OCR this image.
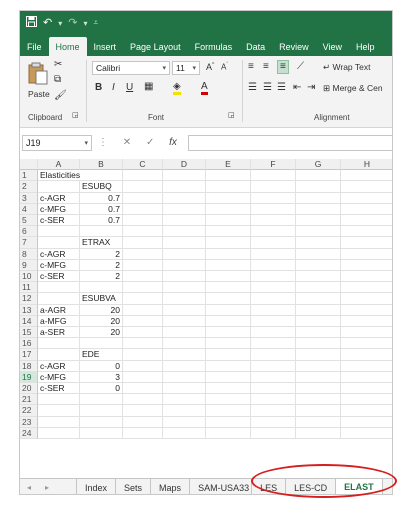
↶ ▾ ↷ ▾ ⩡
File	Home	Insert	Page Layout	Formulas	Data	Review	View	Help
Paste
✂
⧉
🖌
Clipboard ◲
Calibri	▾ 11 ▾ A^ $A^ˇ$
B I U ▦ ◈ A
Font	◲
≡ ≡	≡	⟋
☰ ☰ ☰ ⇤ ⇥
↵ Wrap Text
⊞ Merge & Cen
Alignment
J19	▾ ⋮ ✕ ✓ fx
A	B	C	D	E	F	G	H
1	Elasticities
2	ESUBQ
3	c-AGR	0.7
4	c-MFG	0.7
5	c-SER	0.7
6
7	ETRAX
8	c-AGR	2
9	c-MFG	2
10	c-SER	2
11
12	ESUBVA
13	a-AGR	20
14	a-MFG	20
15	a-SER	20
16
17	EDE
18	c-AGR	0
19	c-MFG	3
20	c-SER	0
21
22
23
24
◂	▸	Index	Sets	Maps	SAM-USA33	LES	LES-CD	ELAST
